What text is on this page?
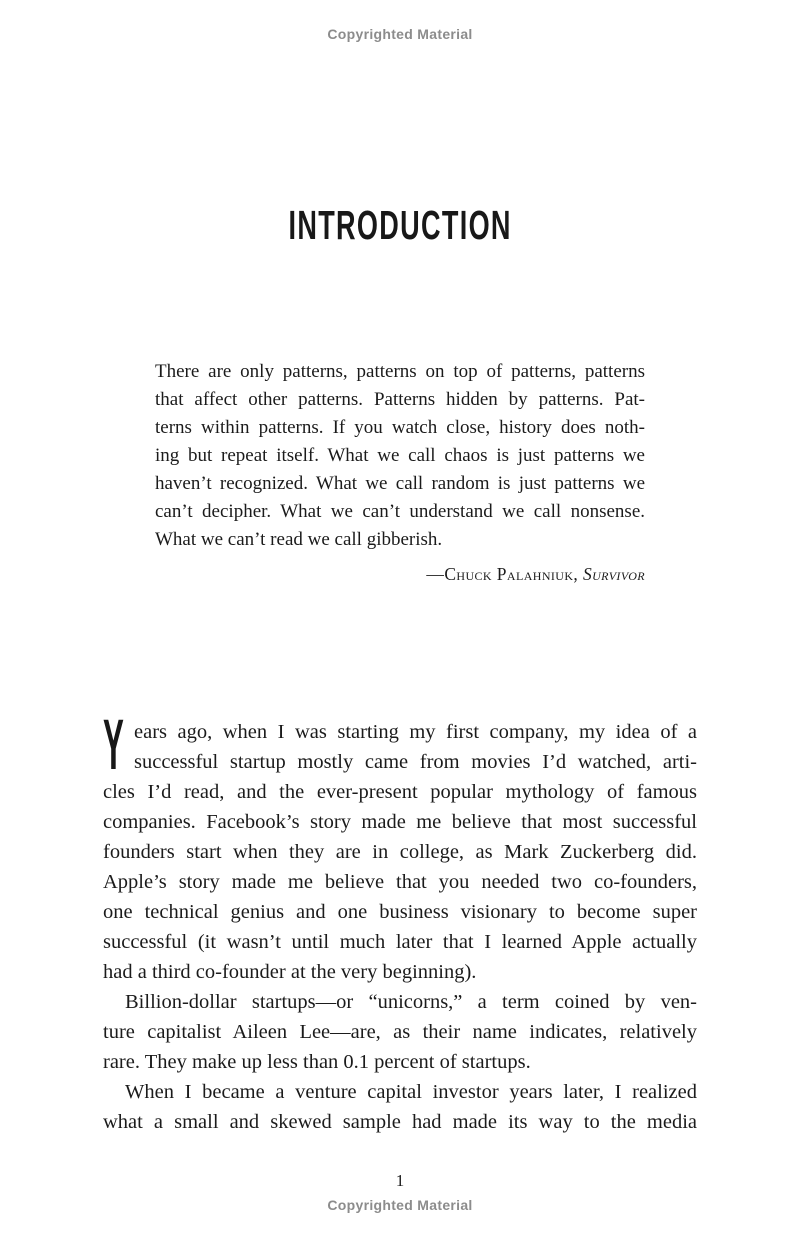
Copyrighted Material
INTRODUCTION
There are only patterns, patterns on top of patterns, patterns
that affect other patterns. Patterns hidden by patterns. Pat-
terns within patterns. If you watch close, history does noth-
ing but repeat itself. What we call chaos is just patterns we
haven’t recognized. What we call random is just patterns we
can’t decipher. What we can’t understand we call nonsense.
What we can’t read we call gibberish.
—Chuck Palahniuk, Survivor
Y ears ago, when I was starting my first company, my idea of a
successful startup mostly came from movies I’d watched, arti-
cles I’d read, and the ever-present popular mythology of famous
companies. Facebook’s story made me believe that most successful
founders start when they are in college, as Mark Zuckerberg did.
Apple’s story made me believe that you needed two co-founders,
one technical genius and one business visionary to become super
successful (it wasn’t until much later that I learned Apple actually
had a third co-founder at the very beginning).
Billion-dollar startups—or “unicorns,” a term coined by ven-
ture capitalist Aileen Lee—are, as their name indicates, relatively
rare. They make up less than 0.1 percent of startups.
When I became a venture capital investor years later, I realized
what a small and skewed sample had made its way to the media
1
Copyrighted Material
